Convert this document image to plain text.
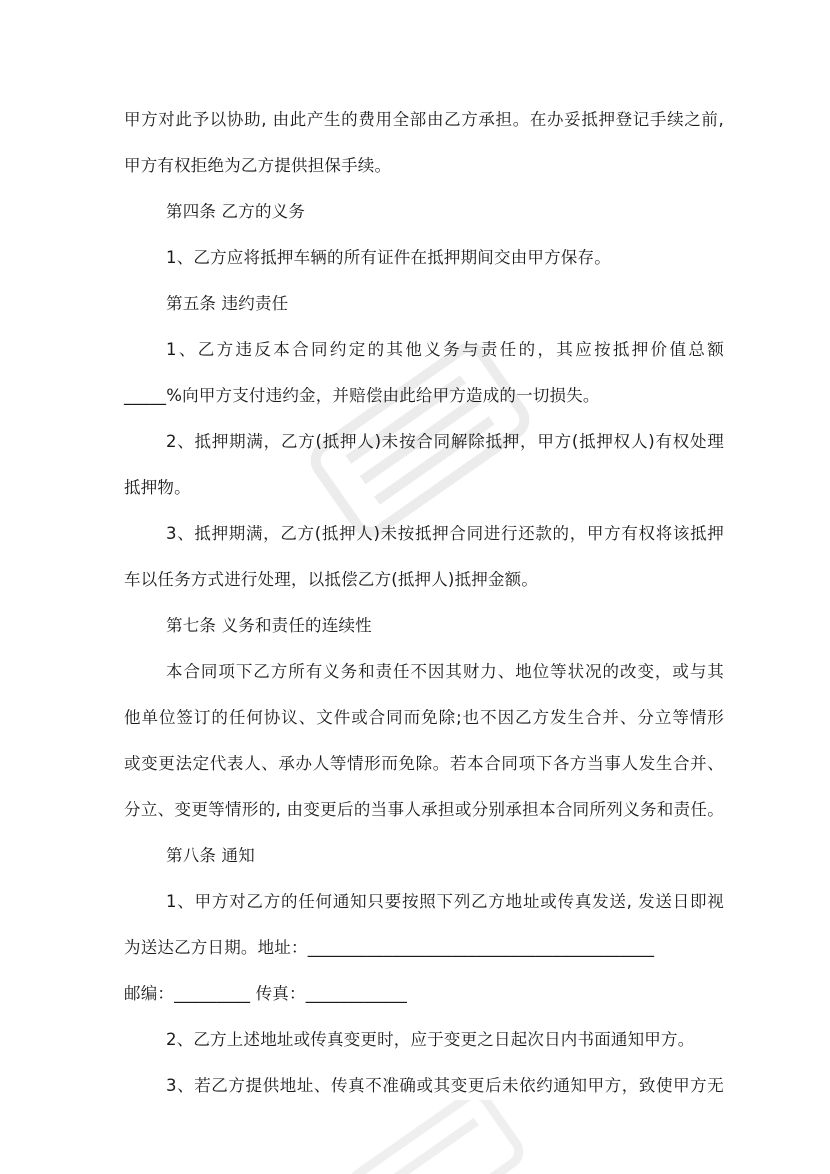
甲方对此予以协助, 由此产生的费用全部由乙方承担。在办妥抵押登记手续之前,
甲方有权拒绝为乙方提供担保手续。
第四条 乙方的义务
1、乙方应将抵押车辆的所有证件在抵押期间交由甲方保存。
第五条 违约责任
1、乙方违反本合同约定的其他义务与责任的，其应按抵押价值总额
_____%向甲方支付违约金，并赔偿由此给甲方造成的一切损失。
2、抵押期满，乙方(抵押人)未按合同解除抵押，甲方(抵押权人)有权处理
抵押物。
3、抵押期满，乙方(抵押人)未按抵押合同进行还款的，甲方有权将该抵押
车以任务方式进行处理，以抵偿乙方(抵押人)抵押金额。
第七条 义务和责任的连续性
本合同项下乙方所有义务和责任不因其财力、地位等状况的改变，或与其
他单位签订的任何协议、文件或合同而免除;也不因乙方发生合并、分立等情形
或变更法定代表人、承办人等情形而免除。若本合同项下各方当事人发生合并、
分立、变更等情形的, 由变更后的当事人承担或分别承担本合同所列义务和责任。
第八条 通知
1、甲方对乙方的任何通知只要按照下列乙方地址或传真发送, 发送日即视
为送达乙方日期。地址：_________________________________________
邮编：_________ 传真：____________
2、乙方上述地址或传真变更时，应于变更之日起次日内书面通知甲方。
3、若乙方提供地址、传真不准确或其变更后未依约通知甲方，致使甲方无
